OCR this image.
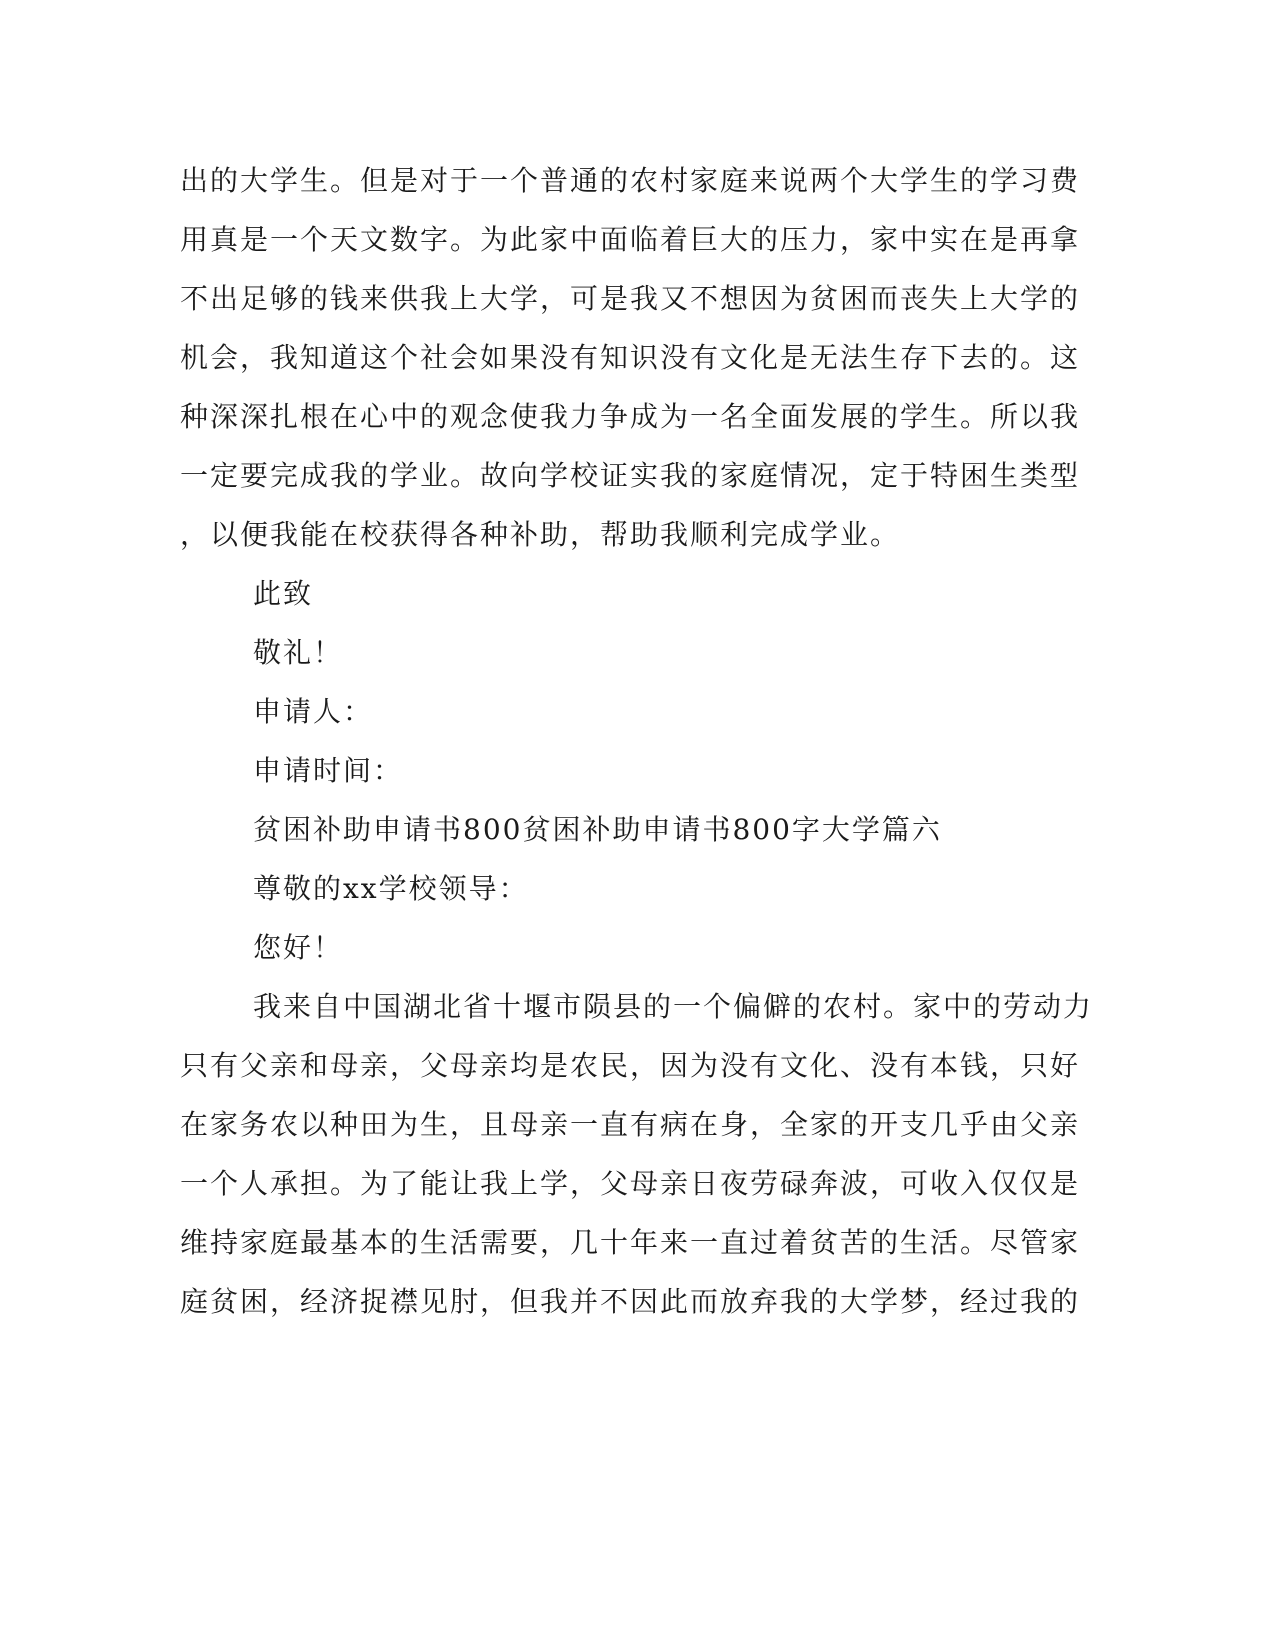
出的大学生。但是对于一个普通的农村家庭来说两个大学生的学习费

用真是一个天文数字。为此家中面临着巨大的压力，家中实在是再拿

不出足够的钱来供我上大学，可是我又不想因为贫困而丧失上大学的

机会，我知道这个社会如果没有知识没有文化是无法生存下去的。这

种深深扎根在心中的观念使我力争成为一名全面发展的学生。所以我

一定要完成我的学业。故向学校证实我的家庭情况，定于特困生类型

，以便我能在校获得各种补助，帮助我顺利完成学业。

此致

敬礼！

申请人：

申请时间：

贫困补助申请书800贫困补助申请书800字大学篇六

尊敬的xx学校领导：

您好！

我来自中国湖北省十堰市陨县的一个偏僻的农村。家中的劳动力

只有父亲和母亲，父母亲均是农民，因为没有文化、没有本钱，只好

在家务农以种田为生，且母亲一直有病在身，全家的开支几乎由父亲

一个人承担。为了能让我上学，父母亲日夜劳碌奔波，可收入仅仅是

维持家庭最基本的生活需要，几十年来一直过着贫苦的生活。尽管家

庭贫困，经济捉襟见肘，但我并不因此而放弃我的大学梦，经过我的
